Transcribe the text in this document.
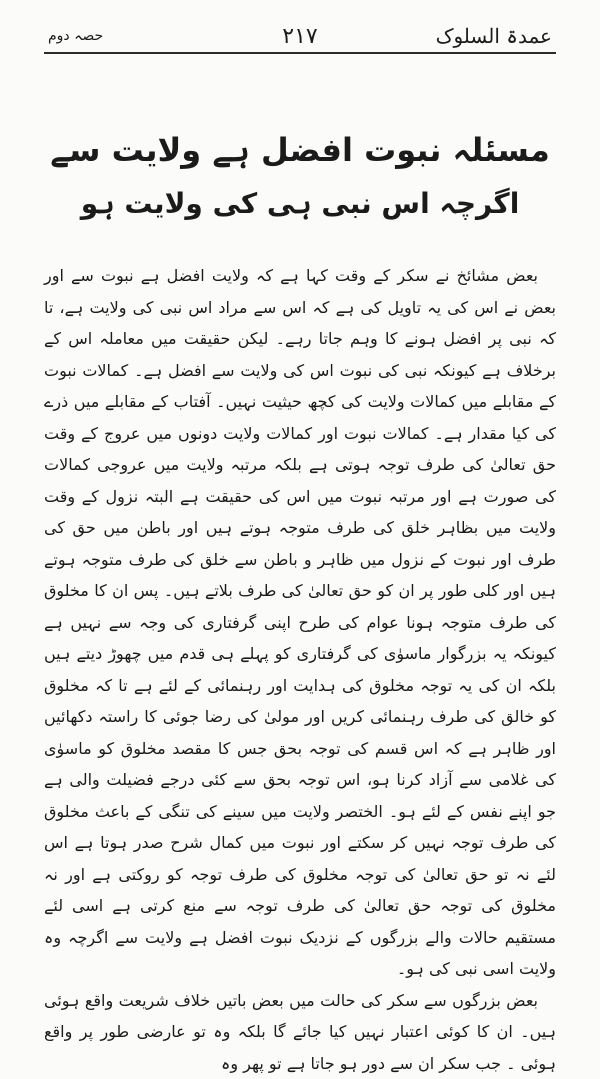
عمدۃ السلوک
۲۱۷
حصہ دوم
مسئلہ نبوت افضل ہے ولایت سے
اگرچہ اس نبی ہی کی ولایت ہو

بعض مشائخ نے سکر کے وقت کہا ہے کہ ولایت افضل ہے نبوت سے اور بعض نے اس کی یہ تاویل کی ہے کہ اس سے مراد اس نبی کی ولایت ہے، تا کہ نبی پر افضل ہونے کا وہم جاتا رہے۔ لیکن حقیقت میں معاملہ اس کے برخلاف ہے کیونکہ نبی کی نبوت اس کی ولایت سے افضل ہے۔ کمالات نبوت کے مقابلے میں کمالات ولایت کی کچھ حیثیت نہیں۔ آفتاب کے مقابلے میں ذرے کی کیا مقدار ہے۔ کمالات نبوت اور کمالات ولایت دونوں میں عروج کے وقت حق تعالیٰ کی طرف توجہ ہوتی ہے بلکہ مرتبہ ولایت میں عروجی کمالات کی صورت ہے اور مرتبہ نبوت میں اس کی حقیقت ہے البتہ نزول کے وقت ولایت میں بظاہر خلق کی طرف متوجہ ہوتے ہیں اور باطن میں حق کی طرف اور نبوت کے نزول میں ظاہر و باطن سے خلق کی طرف متوجہ ہوتے ہیں اور کلی طور پر ان کو حق تعالیٰ کی طرف بلاتے ہیں۔ پس ان کا مخلوق کی طرف متوجہ ہونا عوام کی طرح اپنی گرفتاری کی وجہ سے نہیں ہے کیونکہ یہ بزرگوار ماسوٰی کی گرفتاری کو پہلے ہی قدم میں چھوڑ دیتے ہیں بلکہ ان کی یہ توجہ مخلوق کی ہدایت اور رہنمائی کے لئے ہے تا کہ مخلوق کو خالق کی طرف رہنمائی کریں اور مولیٰ کی رضا جوئی کا راستہ دکھائیں اور ظاہر ہے کہ اس قسم کی توجہ بحق جس کا مقصد مخلوق کو ماسوٰی کی غلامی سے آزاد کرنا ہو، اس توجہ بحق سے کئی درجے فضیلت والی ہے جو اپنے نفس کے لئے ہو۔ الختصر ولایت میں سینے کی تنگی کے باعث مخلوق کی طرف توجہ نہیں کر سکتے اور نبوت میں کمال شرح صدر ہوتا ہے اس لئے نہ تو حق تعالیٰ کی توجہ مخلوق کی طرف توجہ کو روکتی ہے اور نہ مخلوق کی توجہ حق تعالیٰ کی طرف توجہ سے منع کرتی ہے اسی لئے مستقیم حالات والے بزرگوں کے نزدیک نبوت افضل ہے ولایت سے اگرچہ وہ ولایت اسی نبی کی ہو۔

بعض بزرگوں سے سکر کی حالت میں بعض باتیں خلاف شریعت واقع ہوئی ہیں۔ ان کا کوئی اعتبار نہیں کیا جائے گا بلکہ وہ تو عارضی طور پر واقع ہوئی ۔ جب سکر ان سے دور ہو جاتا ہے تو پھر وہ
